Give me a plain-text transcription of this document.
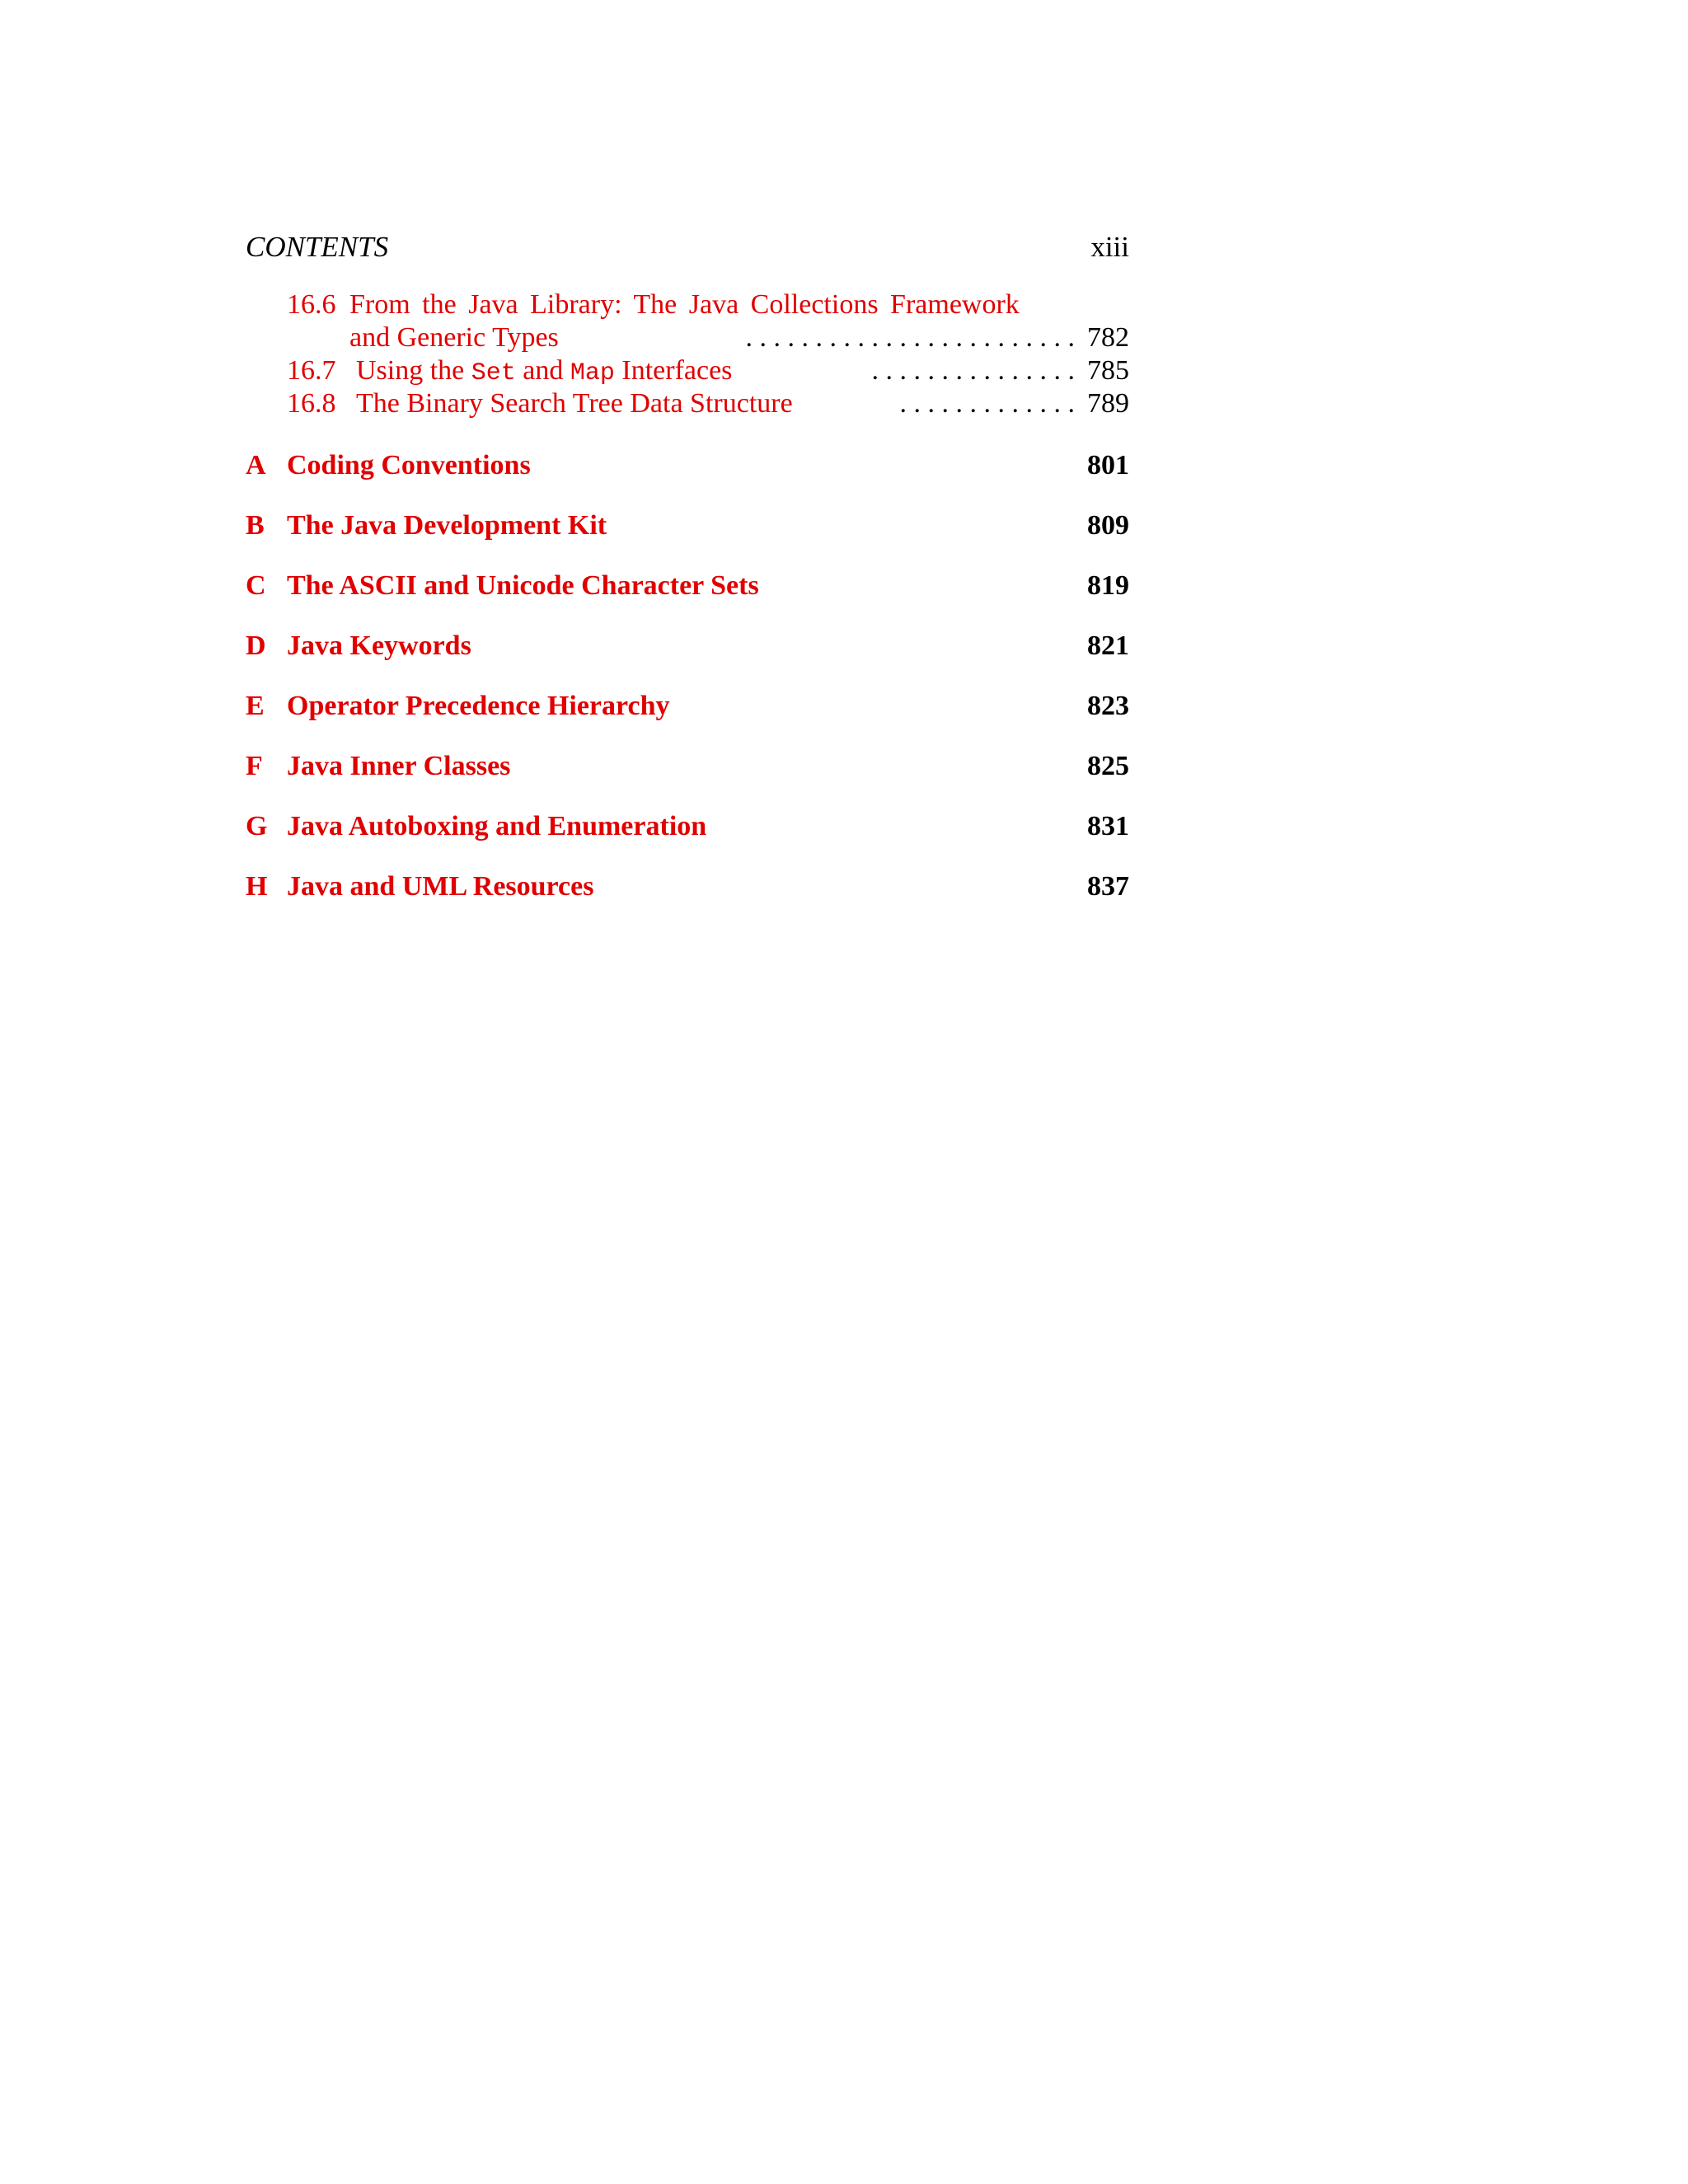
CONTENTS	xiii
16.6 From the Java Library: The Java Collections Framework
and Generic Types	. . . . . . . . . . . . . . . . . . . . . . . . 782
16.7 Using the Set and Map Interfaces	. . . . . . . . . . . . . . . 785
16.8 The Binary Search Tree Data Structure	. . . . . . . . . . . . . 789
A Coding Conventions	801
B The Java Development Kit	809
C The ASCII and Unicode Character Sets	819
D Java Keywords	821
E Operator Precedence Hierarchy	823
F Java Inner Classes	825
G Java Autoboxing and Enumeration	831
H Java and UML Resources	837
